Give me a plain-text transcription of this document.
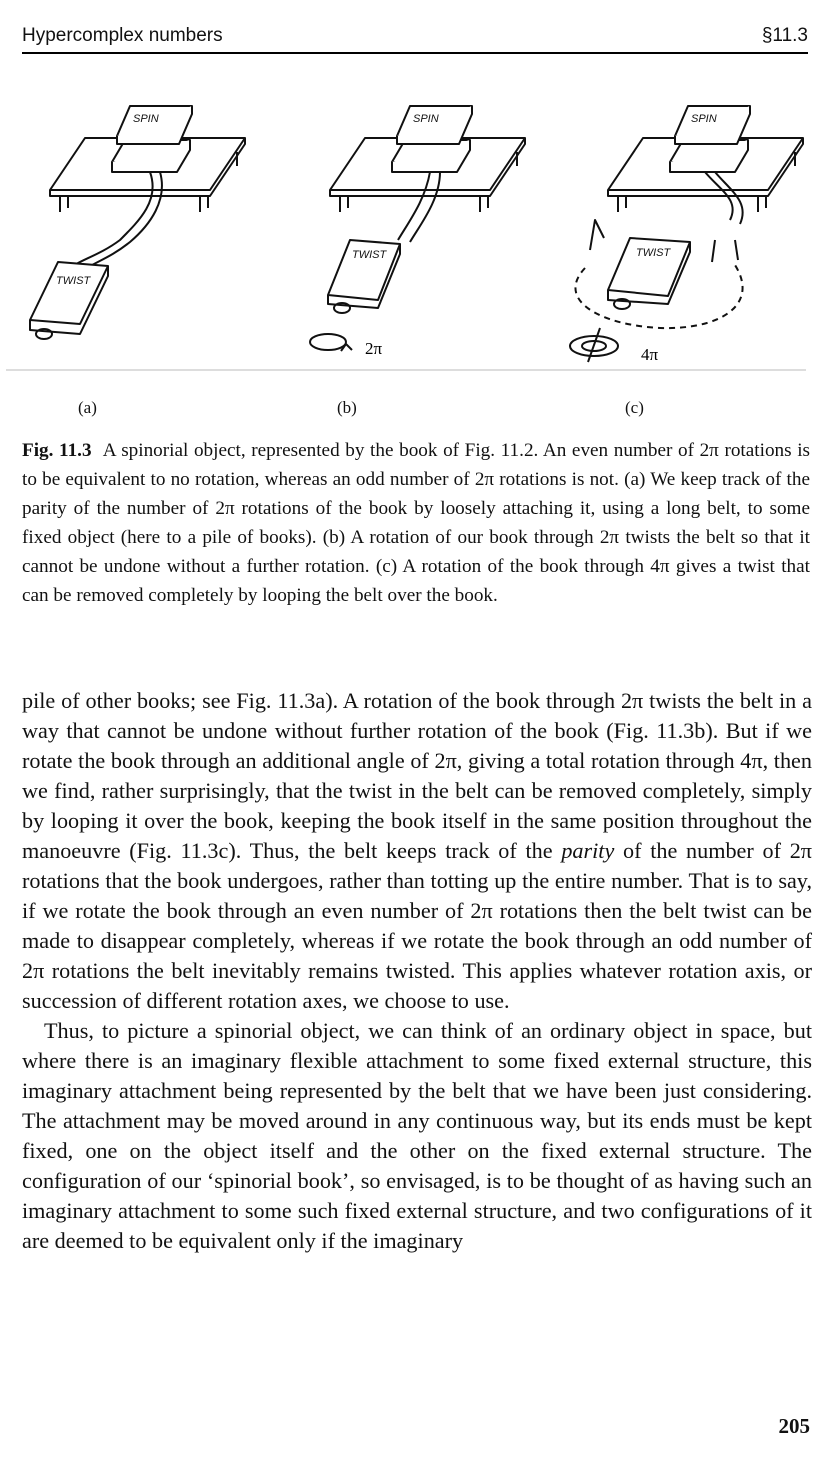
Hypercomplex numbers	§11.3
2π	4π
SPIN	SPIN	SPIN
TWIST
TWIST	TWIST
(a)	(b)	(c)
Fig. 11.3 A spinorial object, represented by the book of Fig. 11.2. An even number of 2π rotations is to be equivalent to no rotation, whereas an odd number of 2π rotations is not. (a) We keep track of the parity of the number of 2π rotations of the book by loosely attaching it, using a long belt, to some fixed object (here to a pile of books). (b) A rotation of our book through 2π twists the belt so that it cannot be undone without a further rotation. (c) A rotation of the book through 4π gives a twist that can be removed completely by looping the belt over the book.

pile of other books; see Fig. 11.3a). A rotation of the book through 2π twists the belt in a way that cannot be undone without further rotation of the book (Fig. 11.3b). But if we rotate the book through an additional angle of 2π, giving a total rotation through 4π, then we find, rather surprisingly, that the twist in the belt can be removed completely, simply by looping it over the book, keeping the book itself in the same position throughout the manoeuvre (Fig. 11.3c). Thus, the belt keeps track of the parity of the number of 2π rotations that the book undergoes, rather than totting up the entire number. That is to say, if we rotate the book through an even number of 2π rotations then the belt twist can be made to disappear completely, whereas if we rotate the book through an odd number of 2π rotations the belt inevitably remains twisted. This applies whatever rotation axis, or succession of different rotation axes, we choose to use.

Thus, to picture a spinorial object, we can think of an ordinary object in space, but where there is an imaginary flexible attachment to some fixed external structure, this imaginary attachment being represented by the belt that we have been just considering. The attachment may be moved around in any continuous way, but its ends must be kept fixed, one on the object itself and the other on the fixed external structure. The configuration of our ‘spinorial book’, so envisaged, is to be thought of as having such an imaginary attachment to some such fixed external structure, and two configurations of it are deemed to be equivalent only if the imaginary

205
